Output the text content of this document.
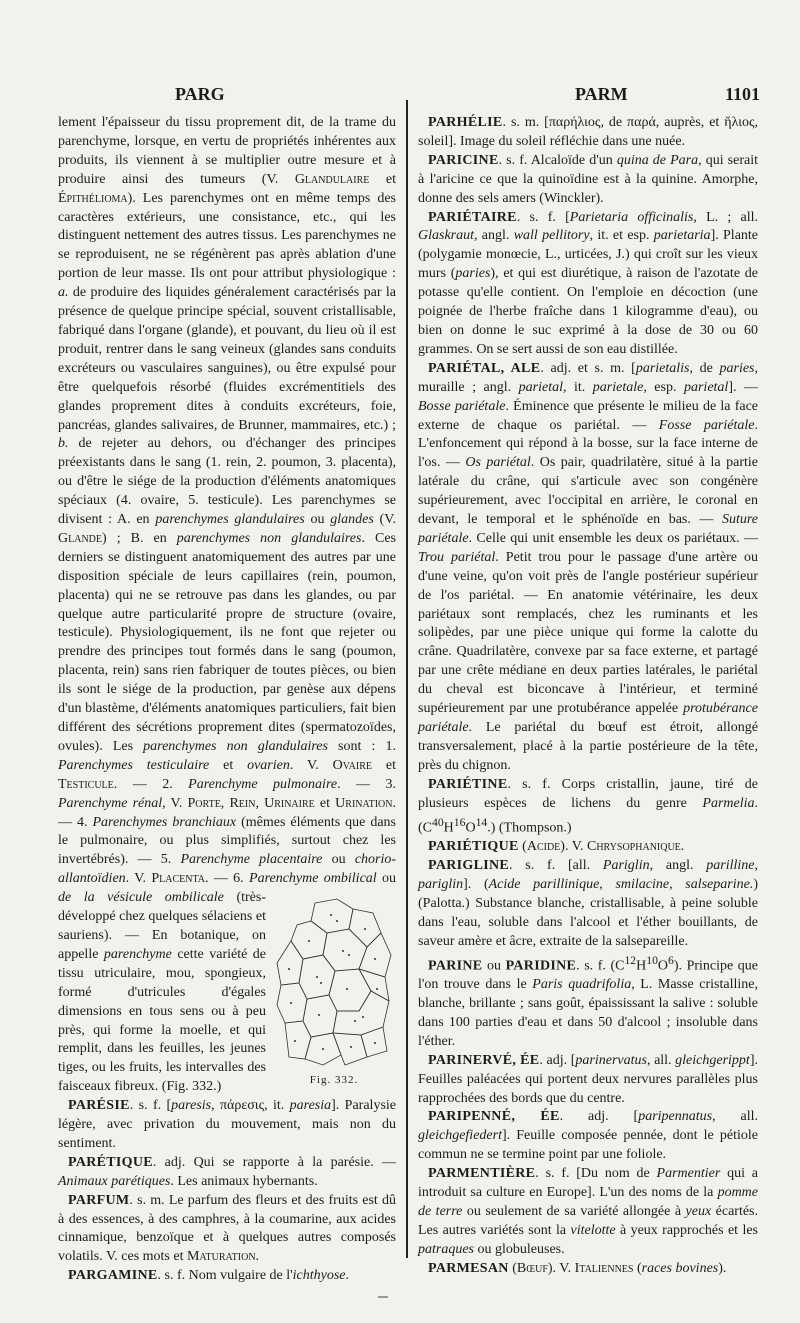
PARG	PARM	1101

lement l'épaisseur du tissu proprement dit, de la trame du parenchyme, lorsque, en vertu de propriétés inhérentes aux produits, ils viennent à se multiplier outre mesure et à produire ainsi des tumeurs (V. Glandulaire et Épithélioma). Les parenchymes ont en même temps des caractères extérieurs, une consistance, etc., qui les distinguent nettement des autres tissus. Les parenchymes ne se reproduisent, ne se régénèrent pas après ablation d'une portion de leur masse. Ils ont pour attribut physiologique : a. de produire des liquides généralement caractérisés par la présence de quelque principe spécial, souvent cristallisable, fabriqué dans l'organe (glande), et pouvant, du lieu où il est produit, rentrer dans le sang veineux (glandes sans conduits excréteurs ou vasculaires sanguines), ou être expulsé pour être quelquefois résorbé (fluides excrémentitiels des glandes proprement dites à conduits excréteurs, foie, pancréas, glandes salivaires, de Brunner, mammaires, etc.) ; b. de rejeter au dehors, ou d'échanger des principes préexistants dans le sang (1. rein, 2. poumon, 3. placenta), ou d'être le siége de la production d'éléments anatomiques spéciaux (4. ovaire, 5. testicule). Les parenchymes se divisent : A. en parenchymes glandulaires ou glandes (V. Glande) ; B. en parenchymes non glandulaires. Ces derniers se distinguent anatomiquement des autres par une disposition spéciale de leurs capillaires (rein, poumon, placenta) qui ne se retrouve pas dans les glandes, ou par quelque autre particularité propre de structure (ovaire, testicule). Physiologiquement, ils ne font que rejeter ou prendre des principes tout formés dans le sang (poumon, placenta, rein) sans rien fabriquer de toutes pièces, ou bien ils sont le siége de la production, par genèse aux dépens d'un blastème, d'éléments anatomiques particuliers, fait bien différent des sécrétions proprement dites (spermatozoïdes, ovules). Les parenchymes non glandulaires sont : 1. Parenchymes testiculaire et ovarien. V. Ovaire et Testicule. — 2. Parenchyme pulmonaire. — 3. Parenchyme rénal, V. Porte, Rein, Urinaire et Urination. — 4. Parenchymes branchiaux (mêmes éléments que dans le pulmonaire, ou plus simplifiés, surtout chez les invertébrés). — 5. Parenchyme placentaire ou chorio-allantoïdien. V. Placenta. — 6. Parenchyme ombilical ou
Fig. 332.
de la vésicule ombilicale (très-développé chez quelques sélaciens et sauriens). — En botanique, on appelle parenchyme cette variété de tissu utriculaire, mou, spongieux, formé d'utricules d'égales dimensions en tous sens ou à peu près, qui forme la moelle, et qui remplit, dans les feuilles, les jeunes tiges, ou les fruits, les intervalles des faisceaux fibreux. (Fig. 332.)

PARÉSIE. s. f. [paresis, πάρεσις, it. paresia]. Paralysie légère, avec privation du mouvement, mais non du sentiment.

PARÉTIQUE. adj. Qui se rapporte à la parésie. — Animaux parétiques. Les animaux hybernants.

PARFUM. s. m. Le parfum des fleurs et des fruits est dû à des essences, à des camphres, à la coumarine, aux acides cinnamique, benzoïque et à quelques autres composés volatils. V. ces mots et Maturation.

PARGAMINE. s. f. Nom vulgaire de l'ichthyose.

PARHÉLIE. s. m. [παρήλιος, de παρά, auprès, et ἥλιος, soleil]. Image du soleil réfléchie dans une nuée.

PARICINE. s. f. Alcaloïde d'un quina de Para, qui serait à l'aricine ce que la quinoïdine est à la quinine. Amorphe, donne des sels amers (Winckler).

PARIÉTAIRE. s. f. [Parietaria officinalis, L. ; all. Glaskraut, angl. wall pellitory, it. et esp. parietaria]. Plante (polygamie monœcie, L., urticées, J.) qui croît sur les vieux murs (paries), et qui est diurétique, à raison de l'azotate de potasse qu'elle contient. On l'emploie en décoction (une poignée de l'herbe fraîche dans 1 kilogramme d'eau), ou bien on donne le suc exprimé à la dose de 30 ou 60 grammes. On se sert aussi de son eau distillée.

PARIÉTAL, ALE. adj. et s. m. [parietalis, de paries, muraille ; angl. parietal, it. parietale, esp. parietal]. — Bosse pariétale. Éminence que présente le milieu de la face externe de chaque os pariétal. — Fosse pariétale. L'enfoncement qui répond à la bosse, sur la face interne de l'os. — Os pariétal. Os pair, quadrilatère, situé à la partie latérale du crâne, qui s'articule avec son congénère supérieurement, avec l'occipital en arrière, le coronal en devant, le temporal et le sphénoïde en bas. — Suture pariétale. Celle qui unit ensemble les deux os pariétaux. — Trou pariétal. Petit trou pour le passage d'une artère ou d'une veine, qu'on voit près de l'angle postérieur supérieur de l'os pariétal. — En anatomie vétérinaire, les deux pariétaux sont remplacés, chez les ruminants et les solipèdes, par une pièce unique qui forme la calotte du crâne. Quadrilatère, convexe par sa face externe, et partagé par une crête médiane en deux parties latérales, le pariétal du cheval est biconcave à l'intérieur, et terminé supérieurement par une protubérance appelée protubérance pariétale. Le pariétal du bœuf est étroit, allongé transversalement, placé à la partie postérieure de la tête, près du chignon.

PARIÉTINE. s. f. Corps cristallin, jaune, tiré de plusieurs espèces de lichens du genre Parmelia. $(C^{40}H^{16}O^{14}.)$ (Thompson.)

PARIÉTIQUE (Acide). V. Chrysophanique.

PARIGLINE. s. f. [all. Pariglin, angl. parilline, pariglin]. (Acide parillinique, smilacine, salseparine.) (Palotta.) Substance blanche, cristallisable, à peine soluble dans l'eau, soluble dans l'alcool et l'éther bouillants, de saveur amère et âcre, extraite de la salsepareille.

PARINE ou PARIDINE. s. f. $(C^{12}H^{10}O^6)$. Principe que l'on trouve dans le Paris quadrifolia, L. Masse cristalline, blanche, brillante ; sans goût, épaississant la salive : soluble dans 100 parties d'eau et dans 50 d'alcool ; insoluble dans l'éther.

PARINERVÉ, ÉE. adj. [parinervatus, all. gleichgerippt]. Feuilles paléacées qui portent deux nervures parallèles plus rapprochées des bords que du centre.

PARIPENNÉ, ÉE. adj. [paripennatus, all. gleichgefiedert]. Feuille composée pennée, dont le pétiole commun ne se termine point par une foliole.

PARMENTIÈRE. s. f. [Du nom de Parmentier qui a introduit sa culture en Europe]. L'un des noms de la pomme de terre ou seulement de sa variété allongée à yeux écartés. Les autres variétés sont la vitelotte à yeux rapprochés et les patraques ou globuleuses.

PARMESAN (Bœuf). V. Italiennes (races bovines).
